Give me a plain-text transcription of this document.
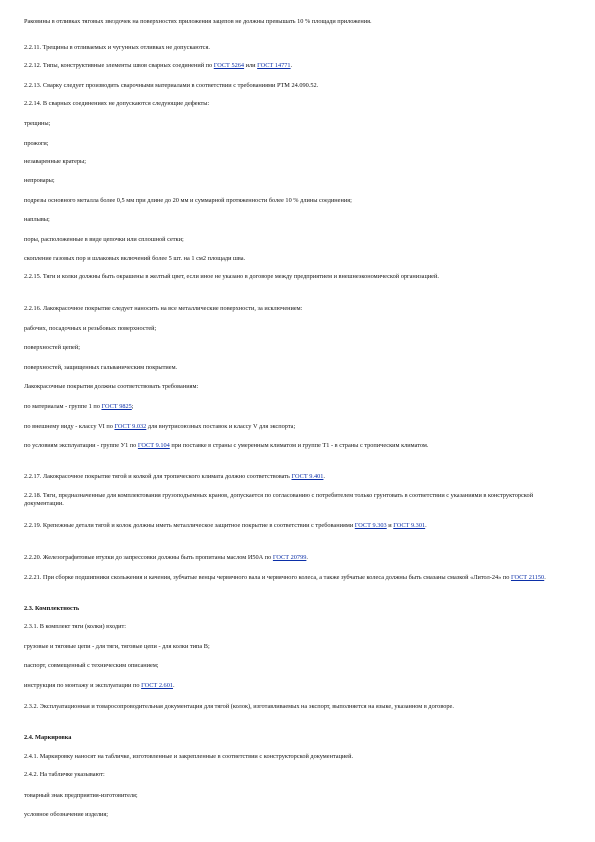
Раковины в отливках тяговых звездочек на поверхностях приложения зацепов не должны превышать 10 % площади приложения.

2.2.11. Трещины в отливаемых и чугунных отливках не допускаются.

2.2.12. Типы, конструктивные элементы швов сварных соединений по ГОСТ 5264 или ГОСТ 14771.

2.2.13. Сварку следует производить сварочными материалами в соответствии с требованиями РТМ 24.090.52.

2.2.14. В сварных соединениях не допускаются следующие дефекты:

трещины;

прожоги;

незаваренные кратеры;

непровары;

подрезы основного металла более 0,5 мм при длине до 20 мм и суммарной протяженности более 10 % длины соединения;

наплывы;

поры, расположенные в виде цепочки или сплошной сетки;

скопление газовых пор и шлаковых включений более 5 шт. на 1 см2 площади шва.

2.2.15. Тяги и колки должны быть окрашены в желтый цвет, если иное не указано в договоре между предприятием и внешнеэкономической организацией.

2.2.16. Лакокрасочное покрытие следует наносить на все металлические поверхности, за исключением:

рабочих, посадочных и резьбовых поверхностей;

поверхностей цепей;

поверхностей, защищенных гальваническим покрытием.

Лакокрасочные покрытия должны соответствовать требованиям:

по материалам - группе 1 по ГОСТ 9825;

по внешнему виду - классу VI по ГОСТ 9.032 для внутрисоюзных поставок и классу V для экспорта;

по условиям эксплуатации - группе У1 по ГОСТ 9.104 при поставке в страны с умеренным климатом и группе Т1 - в страны с тропическим климатом.

2.2.17. Лакокрасочное покрытие тягой и колкой для тропического климата должно соответствовать ГОСТ 9.401.

2.2.18. Тяги, предназначенные для комплектования грузоподъемных кранов, допускается по согласованию с потребителем только грунтовать в соответствии с указаниями в конструкторской документации.

2.2.19. Крепежные детали тягой и колок должны иметь металлическое защитное покрытие в соответствии с требованиями ГОСТ 9.303 и ГОСТ 9.301.

2.2.20. Железографитовые втулки до запрессовки должны быть пропитаны маслом И50А по ГОСТ 20799.

2.2.21. При сборке подшипники скольжения и качения, зубчатые венцы червячного вала и червячного колеса, а также зубчатые колеса должны быть смазаны смазкой «Литол-24» по ГОСТ 21150.

2.3. Комплектность

2.3.1. В комплект тяги (колки) входит:

грузовые и тяговые цепи - для тяги, тяговые цепи - для колки типа В;

паспорт, совмещенный с техническим описанием;

инструкция по монтажу и эксплуатации по ГОСТ 2.601.

2.3.2. Эксплуатационная и товаросопроводительная документация для тягой (колок), изготавливаемых на экспорт, выполняется на языке, указанном в договоре.

2.4. Маркировка

2.4.1. Маркировку наносят на табличке, изготовленные и закрепленные в соответствии с конструкторской документацией.

2.4.2. На табличке указывают:

товарный знак предприятия-изготовителя;

условное обозначение изделия;
